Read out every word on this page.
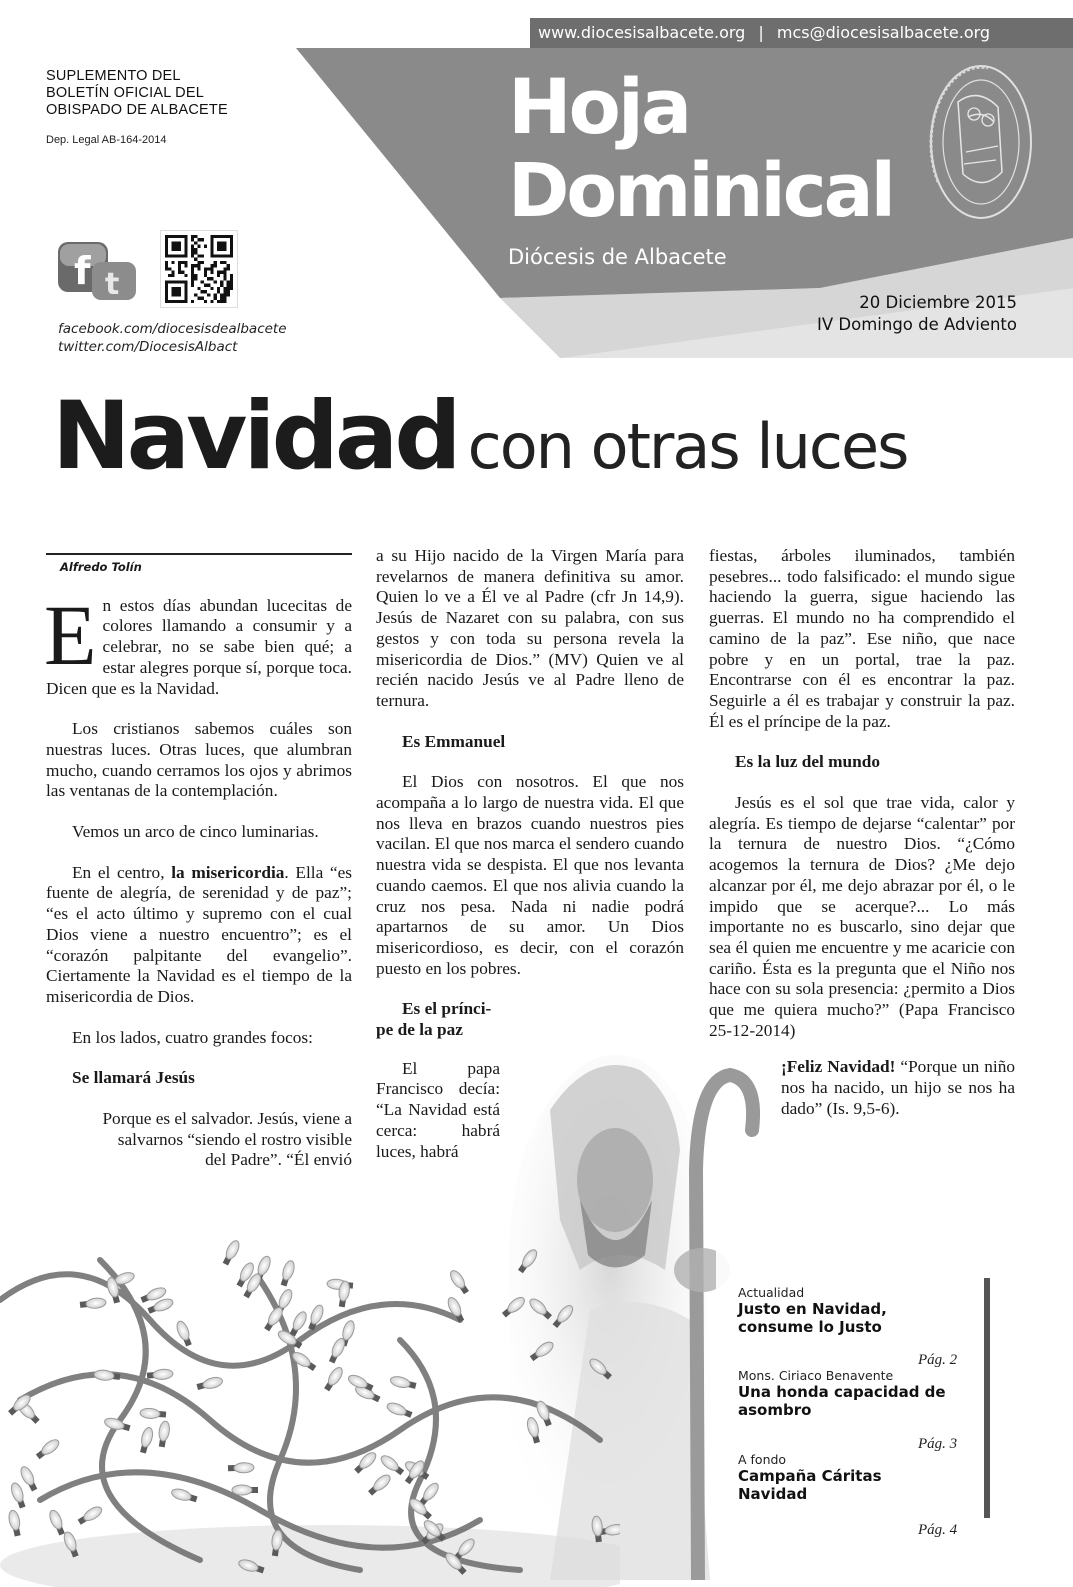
www.diocesisalbacete.org | mcs@diocesisalbacete.org
SUPLEMENTO DEL
BOLETÍN OFICIAL DEL
OBISPADO DE ALBACETE
Dep. Legal AB-164-2014
f t
facebook.com/diocesisdealbacete
twitter.com/DiocesisAlbact
Hoja
Dominical
Diócesis de Albacete
20 Diciembre 2015
IV Domingo de Adviento
Navidad con otras luces
Alfredo Tolín

En estos días abundan lucecitas de colores llamando a consumir y a celebrar, no se sabe bien qué; a estar alegres porque sí, porque toca. Dicen que es la Navidad.

Los cristianos sabemos cuáles son nuestras luces. Otras luces, que alumbran mucho, cuando cerramos los ojos y abrimos las ventanas de la contemplación.

Vemos un arco de cinco luminarias.

En el centro, la misericordia. Ella “es fuente de alegría, de serenidad y de paz”; “es el acto último y supremo con el cual Dios viene a nuestro encuentro”; es el “corazón palpitante del evangelio”. Ciertamente la Navidad es el tiempo de la misericordia de Dios.

En los lados, cuatro grandes focos:

Se llamará Jesús

Porque es el salvador. Jesús, viene a salvarnos “siendo el rostro visible del Padre”. “Él envió

a su Hijo nacido de la Virgen María para revelarnos de manera definitiva su amor. Quien lo ve a Él ve al Padre (cfr Jn 14,9). Jesús de Nazaret con su palabra, con sus gestos y con toda su persona revela la misericordia de Dios.” (MV) Quien ve al recién nacido Jesús ve al Padre lleno de ternura.

Es Emmanuel

El Dios con nosotros. El que nos acompaña a lo largo de nuestra vida. El que nos lleva en brazos cuando nuestros pies vacilan. El que nos marca el sendero cuando nuestra vida se despista. El que nos levanta cuando caemos. El que nos alivia cuando la cruz nos pesa. Nada ni nadie podrá apartarnos de su amor. Un Dios misericordioso, es decir, con el corazón puesto en los pobres.

Es el prínci-
pe de la paz

El papa Francisco decía: “La Navidad está cerca: habrá luces, habrá

fiestas, árboles iluminados, también pesebres... todo falsificado: el mundo sigue haciendo la guerra, sigue haciendo las guerras. El mundo no ha comprendido el camino de la paz”. Ese niño, que nace pobre y en un portal, trae la paz. Encontrarse con él es encontrar la paz. Seguirle a él es trabajar y construir la paz. Él es el príncipe de la paz.

Es la luz del mundo

Jesús es el sol que trae vida, calor y alegría. Es tiempo de dejarse “calentar” por la ternura de nuestro Dios. “¿Cómo acogemos la ternura de Dios? ¿Me dejo alcanzar por él, me dejo abrazar por él, o le impido que se acerque?... Lo más importante no es buscarlo, sino dejar que sea él quien me encuentre y me acaricie con cariño. Ésta es la pregunta que el Niño nos hace con su sola presencia: ¿permito a Dios que me quiera mucho?” (Papa Francisco 25-12-2014)

¡Feliz Navidad! “Porque un niño nos ha nacido, un hijo se nos ha dado” (Is. 9,5-6).

Actualidad
Justo en Navidad,
consume lo Justo
Pág. 2
Mons. Ciriaco Benavente
Una honda capacidad de
asombro
Pág. 3
A fondo
Campaña Cáritas
Navidad
Pág. 4
